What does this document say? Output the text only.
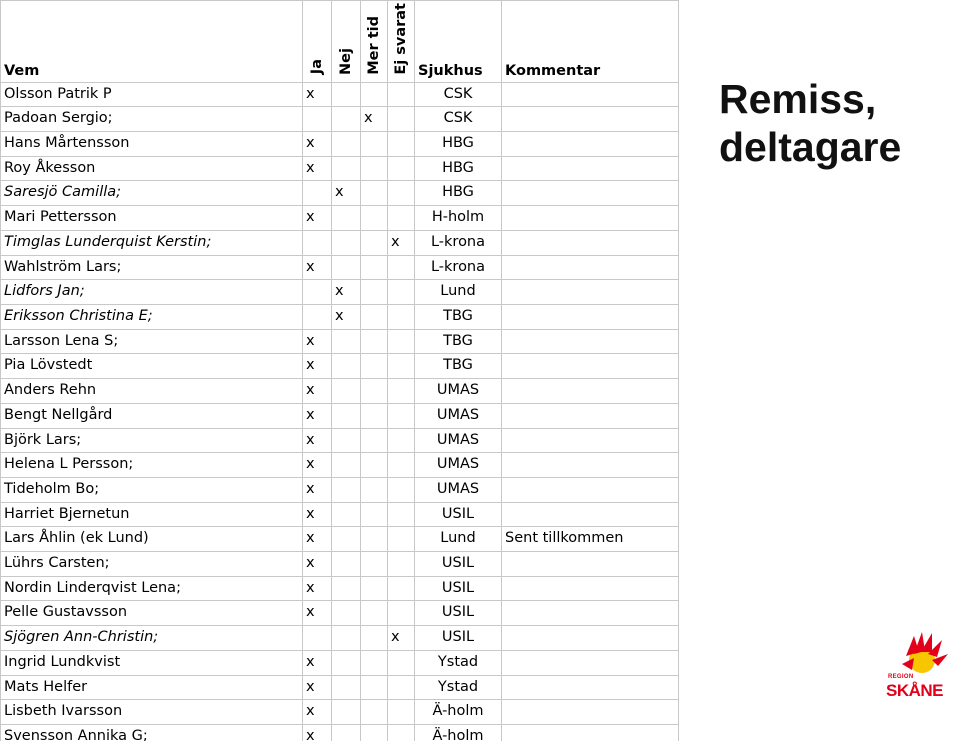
Vem	Ja	Nej	Mer tid	Ej svarat	Sjukhus	Kommentar
Olsson Patrik P	x				CSK	
Padoan Sergio;			x		CSK	
Hans Mårtensson	x				HBG	
Roy Åkesson	x				HBG	
Saresjö Camilla;		x			HBG	
Mari Pettersson	x				H-holm	
Timglas Lunderquist Kerstin;				x	L-krona	
Wahlström Lars;	x				L-krona	
Lidfors Jan;		x			Lund	
Eriksson Christina E;		x			TBG	
Larsson Lena S;	x				TBG	
Pia Lövstedt	x				TBG	
Anders Rehn	x				UMAS	
Bengt Nellgård	x				UMAS	
Björk Lars;	x				UMAS	
Helena L Persson;	x				UMAS	
Tideholm Bo;	x				UMAS	
Harriet Bjernetun	x				USIL	
Lars Åhlin (ek Lund)	x				Lund	Sent tillkommen
Lührs Carsten;	x				USIL	
Nordin Linderqvist Lena;	x				USIL	
Pelle Gustavsson	x				USIL	
Sjögren Ann-Christin;				x	USIL	
Ingrid Lundkvist	x				Ystad	
Mats Helfer	x				Ystad	
Lisbeth Ivarsson	x				Ä-holm	
Svensson Annika G;	x				Ä-holm	
Remiss,
deltagare
REGION
SKÅNE
